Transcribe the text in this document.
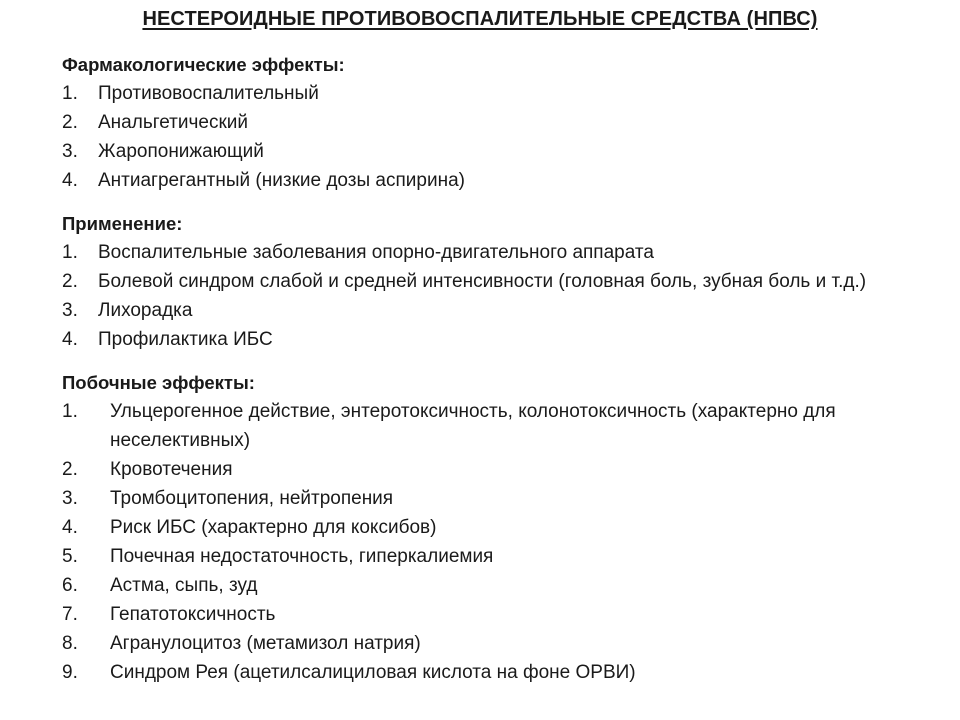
НЕСТЕРОИДНЫЕ ПРОТИВОВОСПАЛИТЕЛЬНЫЕ СРЕДСТВА (НПВС)
Фармакологические эффекты:
1.	Противовоспалительный
2.	Анальгетический
3.	Жаропонижающий
4.	Антиагрегантный (низкие дозы аспирина)
Применение:
1.	Воспалительные заболевания опорно-двигательного аппарата
2.	Болевой синдром слабой и средней интенсивности (головная боль, зубная боль и т.д.)
3.	Лихорадка
4.	Профилактика ИБС
Побочные эффекты:
1.	Ульцерогенное действие, энтеротоксичность, колонотоксичность (характерно для неселективных)
2.	Кровотечения
3.	Тромбоцитопения, нейтропения
4.	Риск ИБС (характерно для коксибов)
5.	Почечная недостаточность, гиперкалиемия
6.	Астма, сыпь, зуд
7.	Гепатотоксичность
8.	Агранулоцитоз (метамизол натрия)
9.	Синдром Рея (ацетилсалициловая кислота на фоне ОРВИ)
